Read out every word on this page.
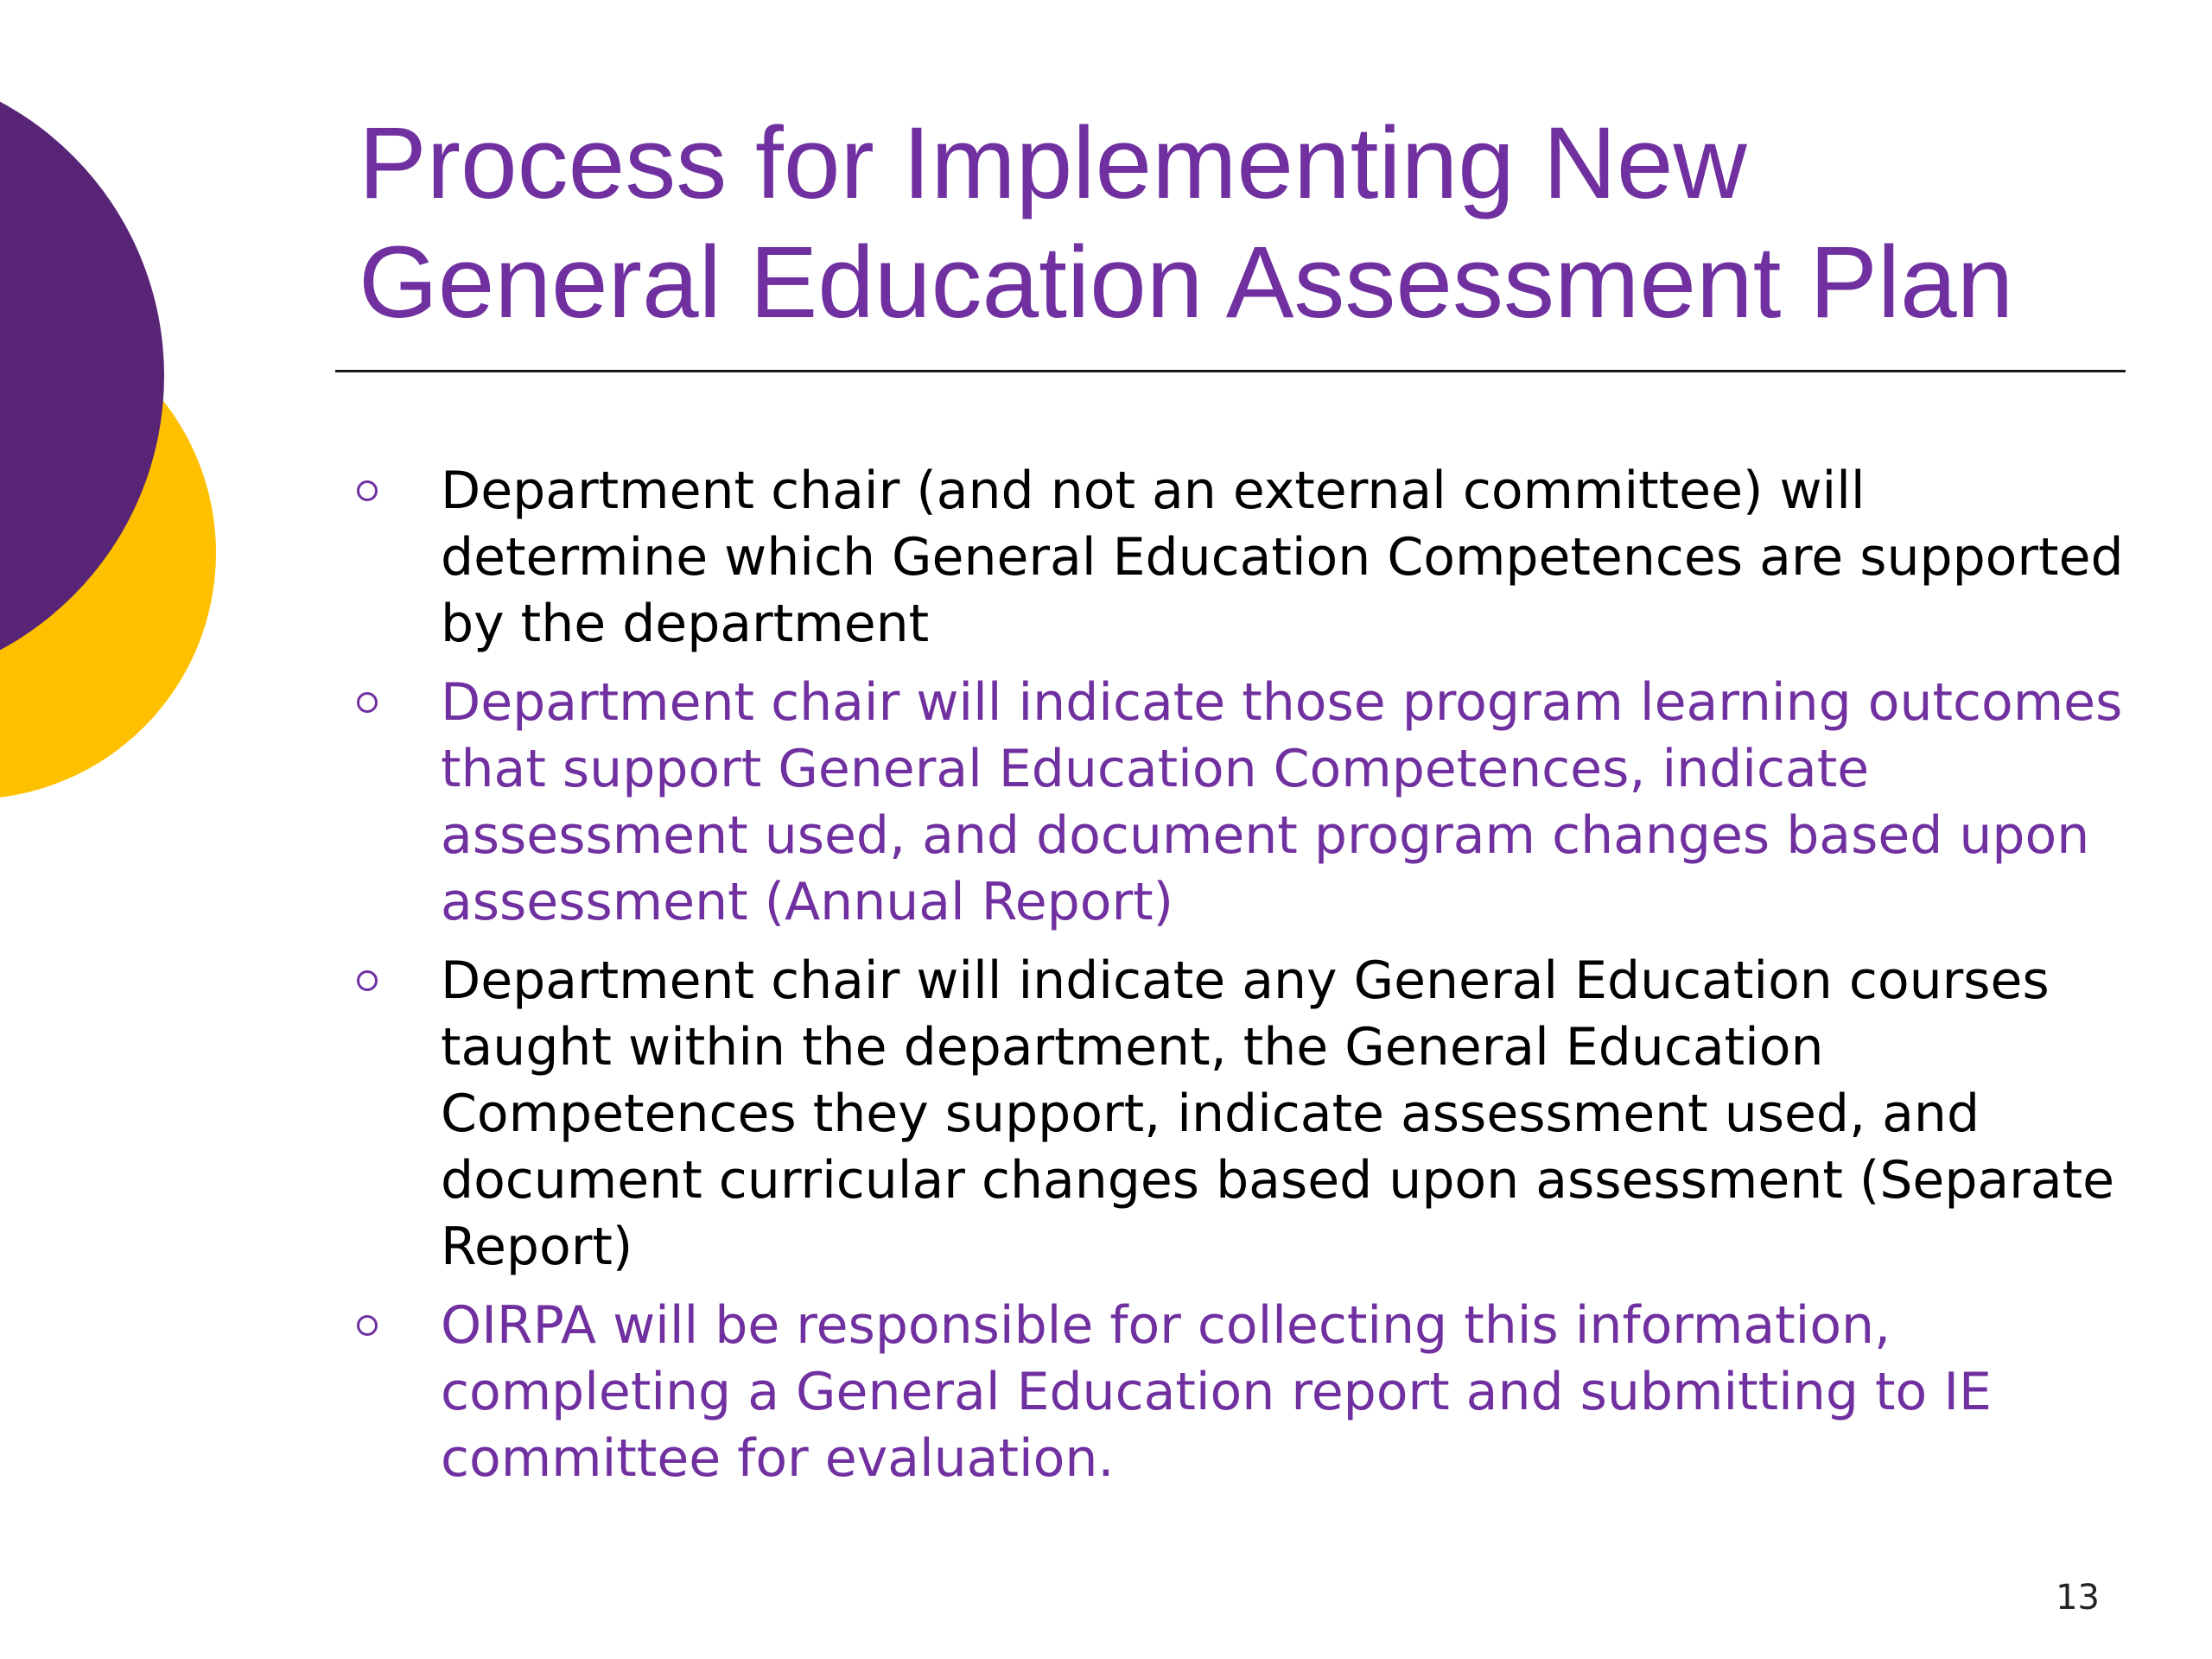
Process for Implementing New General Education Assessment Plan
Department chair (and not an external committee) will determine which General Education Competences are supported by the department
Department chair will indicate those program learning outcomes that support General Education Competences, indicate assessment used, and document program changes based upon assessment (Annual Report)
Department chair will indicate any General Education courses taught within the department, the General Education Competences they support, indicate assessment used, and document curricular changes based upon assessment (Separate Report)
OIRPA will be responsible for collecting this information, completing a General Education report and submitting to IE committee for evaluation.
13
